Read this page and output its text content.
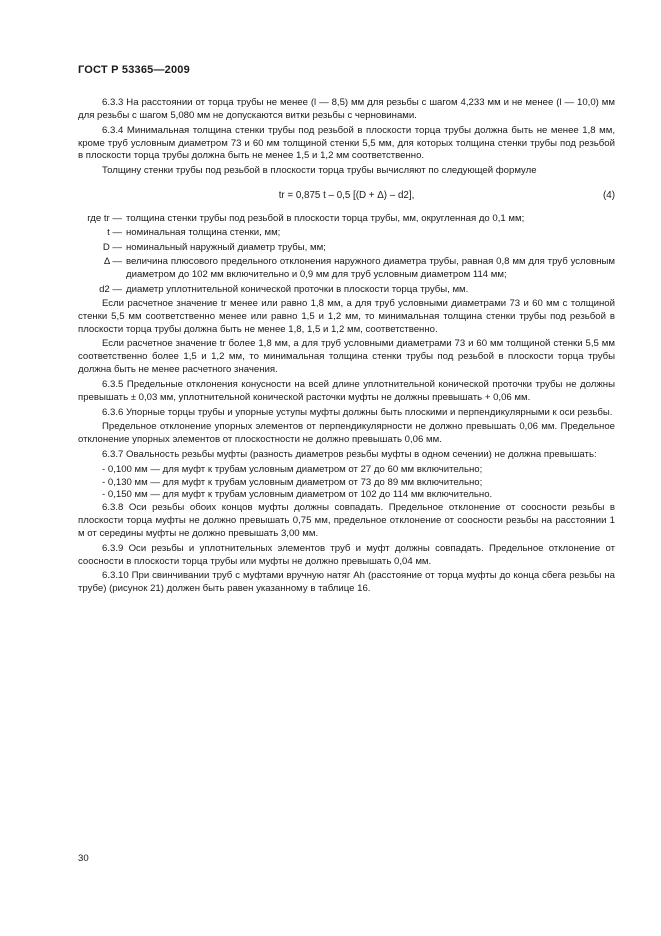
ГОСТ Р 53365—2009

6.3.3 На расстоянии от торца трубы не менее (l — 8,5) мм для резьбы с шагом 4,233 мм и не менее (l — 10,0) мм для резьбы с шагом 5,080 мм не допускаются витки резьбы с черновинами.

6.3.4 Минимальная толщина стенки трубы под резьбой в плоскости торца трубы должна быть не менее 1,8 мм, кроме труб условным диаметром 73 и 60 мм толщиной стенки 5,5 мм, для которых толщина стенки трубы под резьбой в плоскости торца трубы должна быть не менее 1,5 и 1,2 мм соответственно.

Толщину стенки трубы под резьбой в плоскости торца трубы вычисляют по следующей формуле

tr = 0,875 t – 0,5 [(D + Δ) – d2],	(4)
где tr — толщина стенки трубы под резьбой в плоскости торца трубы, мм, округленная до 0,1 мм;
t — номинальная толщина стенки, мм;
D — номинальный наружный диаметр трубы, мм;
Δ — величина плюсового предельного отклонения наружного диаметра трубы, равная 0,8 мм для труб условным диаметром до 102 мм включительно и 0,9 мм для труб условным диаметром 114 мм;
d2 — диаметр уплотнительной конической проточки в плоскости торца трубы, мм.

Если расчетное значение tr менее или равно 1,8 мм, а для труб условными диаметрами 73 и 60 мм с толщиной стенки 5,5 мм соответственно менее или равно 1,5 и 1,2 мм, то минимальная толщина стенки трубы под резьбой в плоскости торца трубы должна быть не менее 1,8, 1,5 и 1,2 мм, соответственно.

Если расчетное значение tr более 1,8 мм, а для труб условными диаметрами 73 и 60 мм толщиной стенки 5,5 мм соответственно более 1,5 и 1,2 мм, то минимальная толщина стенки трубы под резьбой в плоскости торца трубы должна быть не менее расчетного значения.

6.3.5 Предельные отклонения конусности на всей длине уплотнительной конической проточки трубы не должны превышать ± 0,03 мм, уплотнительной конической расточки муфты не должны превышать + 0,06 мм.

6.3.6 Упорные торцы трубы и упорные уступы муфты должны быть плоскими и перпендикулярными к оси резьбы.

Предельное отклонение упорных элементов от перпендикулярности не должно превышать 0,06 мм. Предельное отклонение упорных элементов от плоскостности не должно превышать 0,06 мм.

6.3.7 Овальность резьбы муфты (разность диаметров резьбы муфты в одном сечении) не должна превышать:

- 0,100 мм — для муфт к трубам условным диаметром от 27 до 60 мм включительно;
- 0,130 мм — для муфт к трубам условным диаметром от 73 до 89 мм включительно;
- 0,150 мм — для муфт к трубам условным диаметром от 102 до 114 мм включительно.

6.3.8 Оси резьбы обоих концов муфты должны совпадать. Предельное отклонение от соосности резьбы в плоскости торца муфты не должно превышать 0,75 мм, предельное отклонение от соосности резьбы на расстоянии 1 м от середины муфты не должно превышать 3,00 мм.

6.3.9 Оси резьбы и уплотнительных элементов труб и муфт должны совпадать. Предельное отклонение от соосности в плоскости торца трубы или муфты не должно превышать 0,04 мм.

6.3.10 При свинчивании труб с муфтами вручную натяг Ah (расстояние от торца муфты до конца сбега резьбы на трубе) (рисунок 21) должен быть равен указанному в таблице 16.

30
